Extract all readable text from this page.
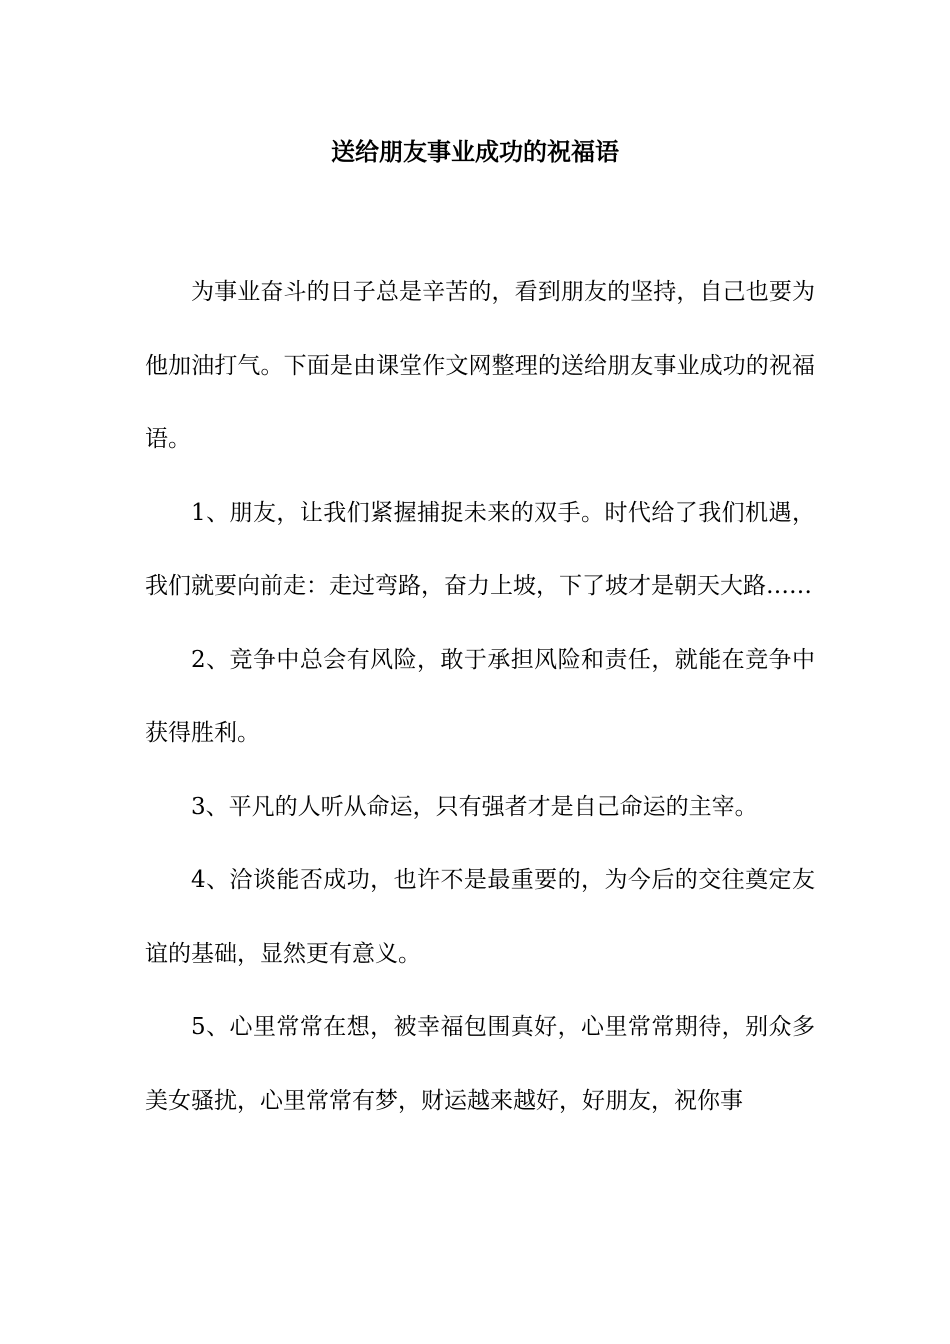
送给朋友事业成功的祝福语

为事业奋斗的日子总是辛苦的，看到朋友的坚持，自己也要为他加油打气。下面是由课堂作文网整理的送给朋友事业成功的祝福语。

1、朋友，让我们紧握捕捉未来的双手。时代给了我们机遇，我们就要向前走：走过弯路，奋力上坡，下了坡才是朝天大路……

2、竞争中总会有风险，敢于承担风险和责任，就能在竞争中获得胜利。

3、平凡的人听从命运，只有强者才是自己命运的主宰。

4、洽谈能否成功，也许不是最重要的，为今后的交往奠定友谊的基础，显然更有意义。

5、心里常常在想，被幸福包围真好，心里常常期待，别众多美女骚扰，心里常常有梦，财运越来越好，好朋友，祝你事
